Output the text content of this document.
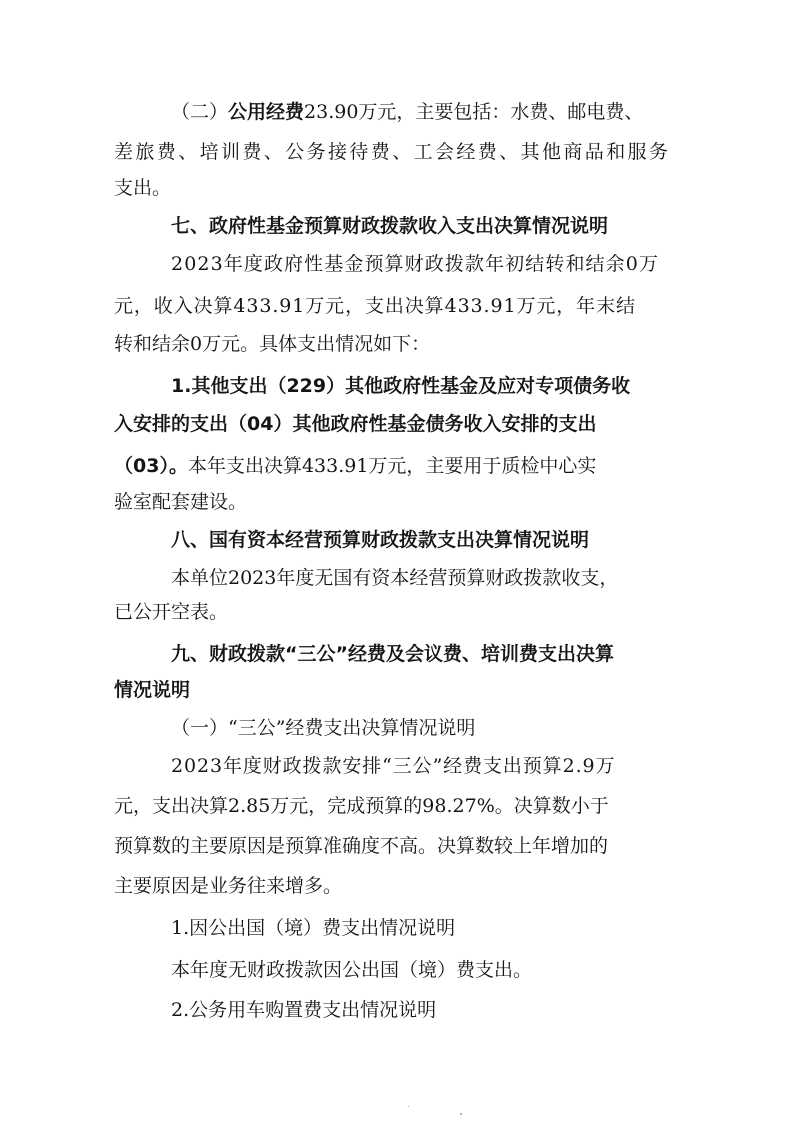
（二）公用经费23.90万元，主要包括：水费、邮电费、

差旅费、培训费、公务接待费、工会经费、其他商品和服务

支出。

七、政府性基金预算财政拨款收入支出决算情况说明

2023年度政府性基金预算财政拨款年初结转和结余0万

元，收入决算433.91万元，支出决算433.91万元，年末结

转和结余0万元。具体支出情况如下：

1.其他支出（229）其他政府性基金及应对专项债务收

入安排的支出（04）其他政府性基金债务收入安排的支出

（03）。本年支出决算433.91万元，主要用于质检中心实

验室配套建设。

八、国有资本经营预算财政拨款支出决算情况说明

本单位2023年度无国有资本经营预算财政拨款收支，

已公开空表。

九、财政拨款“三公”经费及会议费、培训费支出决算

情况说明

（一）“三公”经费支出决算情况说明

2023年度财政拨款安排“三公”经费支出预算2.9万

元，支出决算2.85万元，完成预算的98.27%。决算数小于

预算数的主要原因是预算准确度不高。决算数较上年增加的

主要原因是业务往来增多。

1.因公出国（境）费支出情况说明

本年度无财政拨款因公出国（境）费支出。

2.公务用车购置费支出情况说明
